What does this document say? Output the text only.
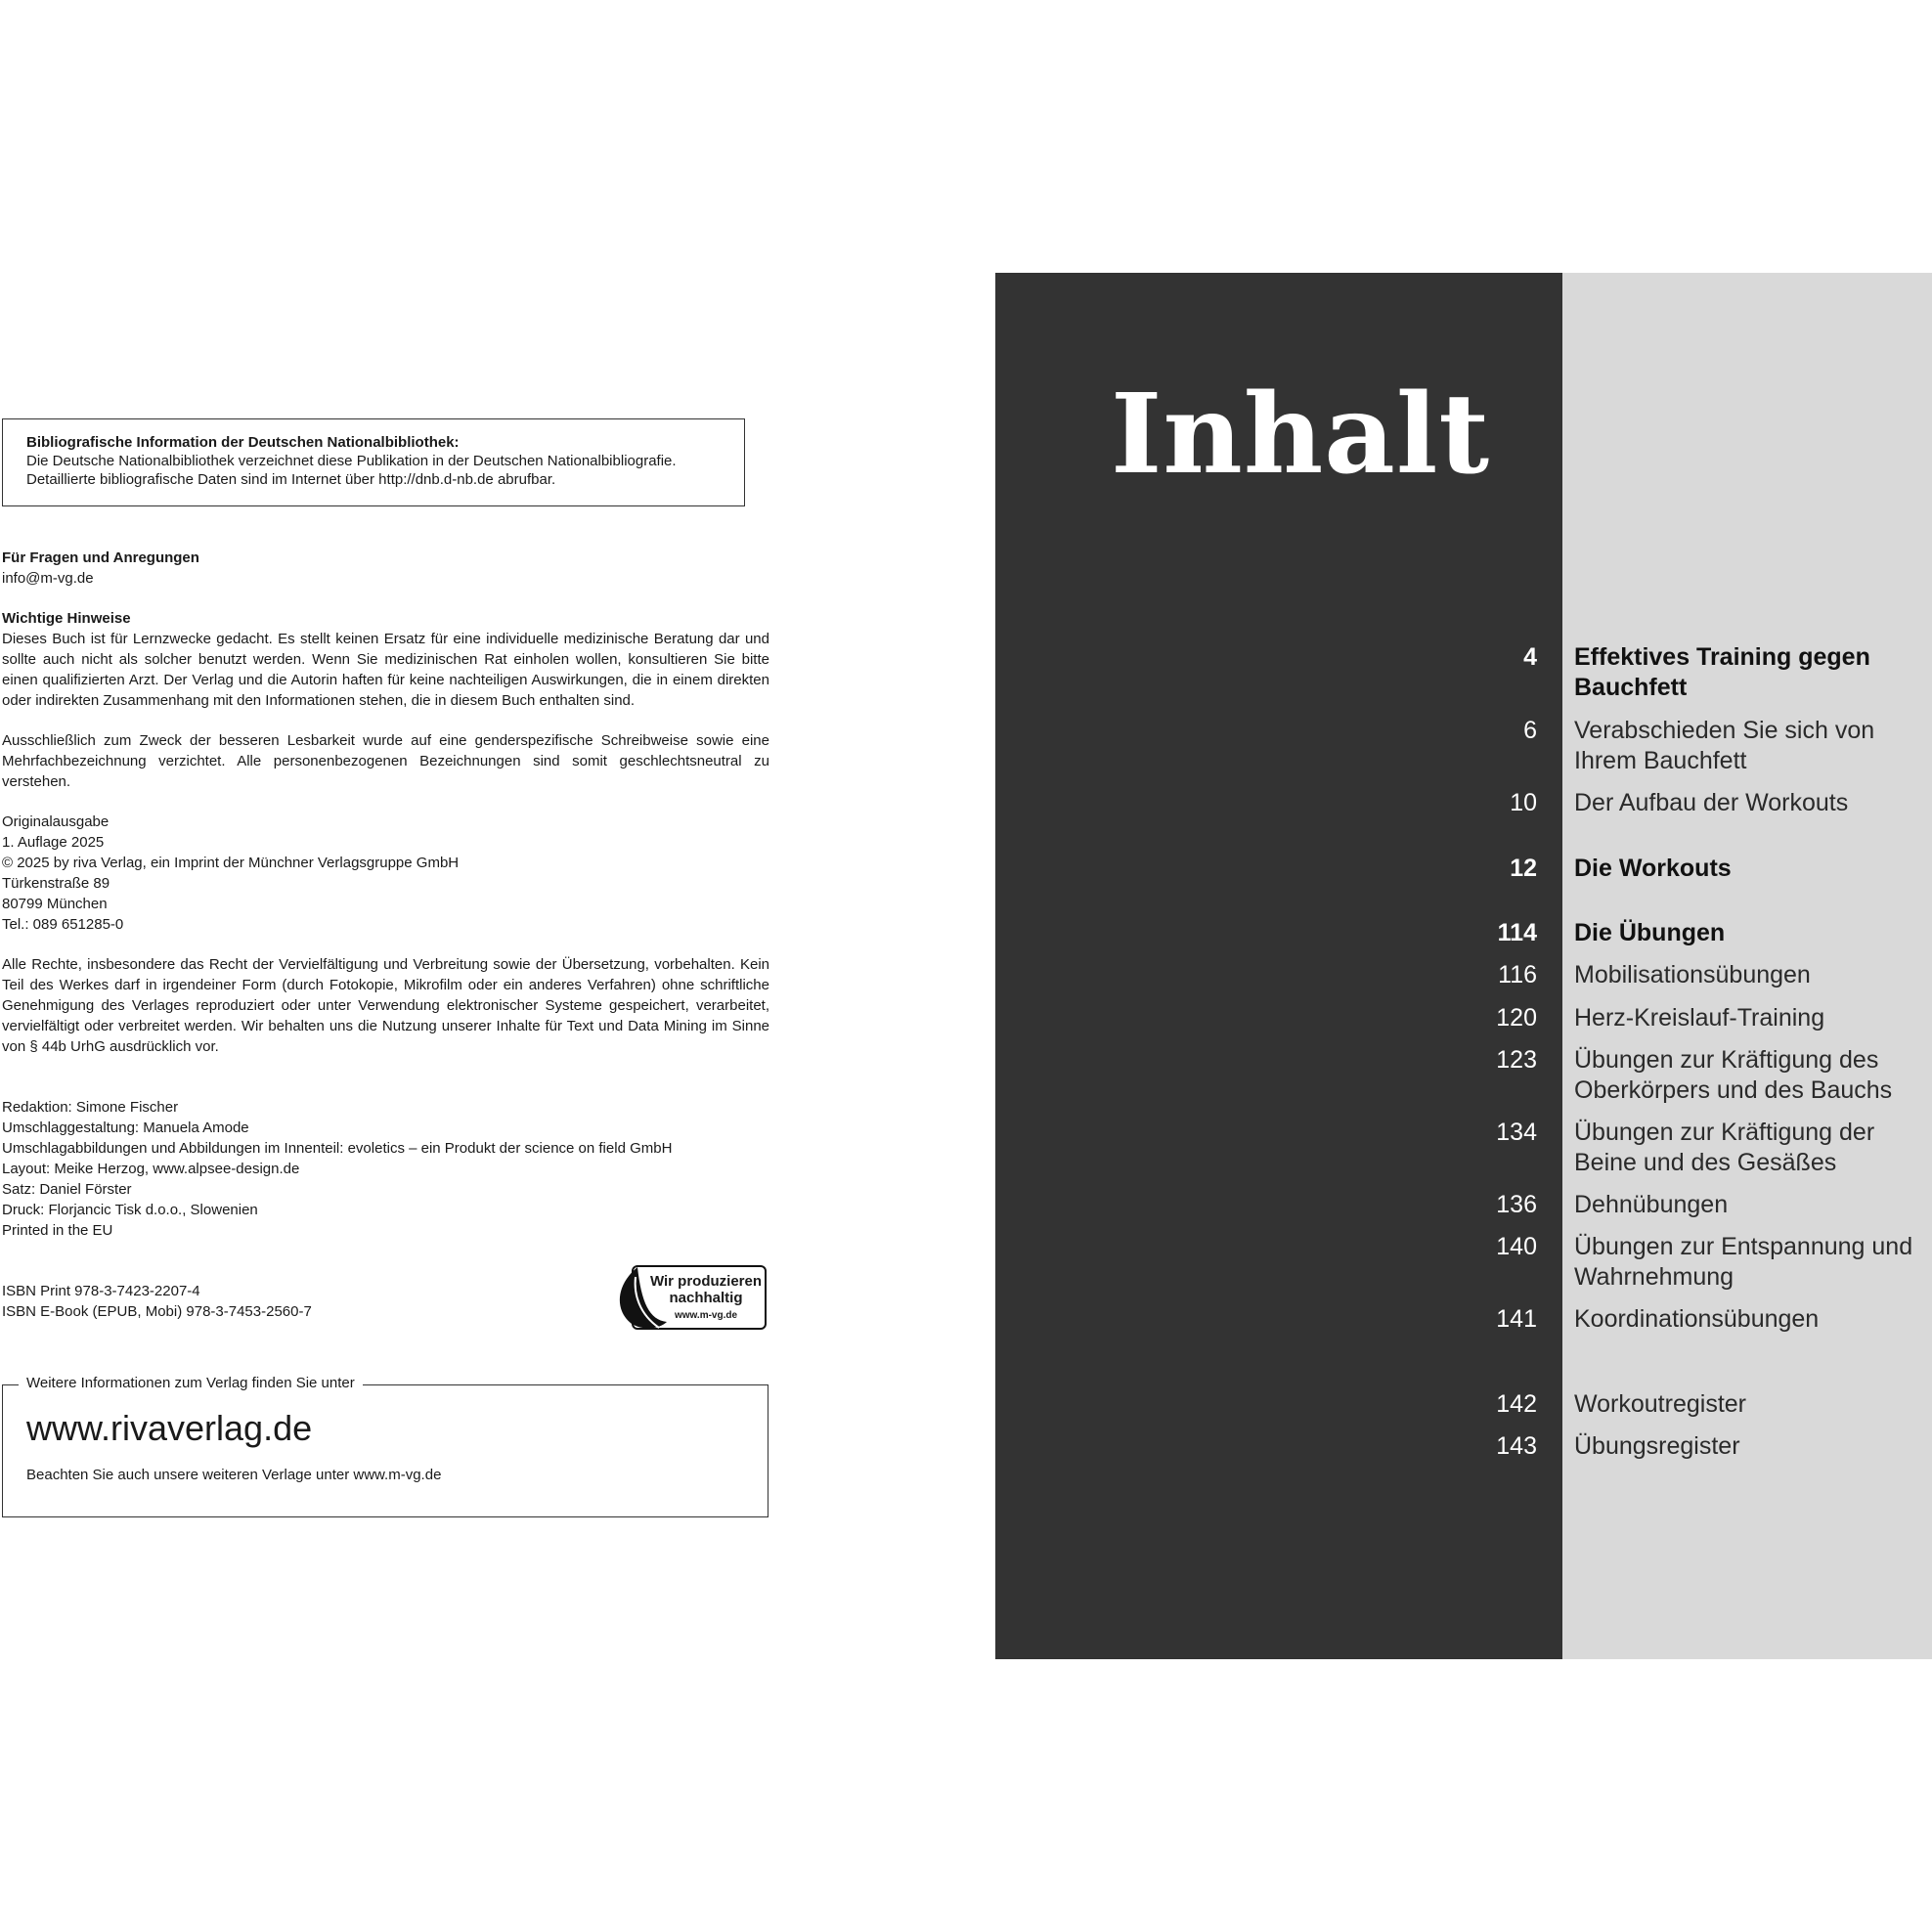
Bibliografische Information der Deutschen Nationalbibliothek:
Die Deutsche Nationalbibliothek verzeichnet diese Publikation in der Deutschen Nationalbibliografie.
Detaillierte bibliografische Daten sind im Internet über http://dnb.d-nb.de abrufbar.

Für Fragen und Anregungen

info@m-vg.de

Wichtige Hinweise

Dieses Buch ist für Lernzwecke gedacht. Es stellt keinen Ersatz für eine individuelle medizinische Beratung dar und sollte auch nicht als solcher benutzt werden. Wenn Sie medizinischen Rat einholen wollen, konsultieren Sie bitte einen qualifizierten Arzt. Der Verlag und die Autorin haften für keine nachteiligen Auswirkungen, die in einem direkten oder indirekten Zusammenhang mit den Informationen stehen, die in diesem Buch enthalten sind.

Ausschließlich zum Zweck der besseren Lesbarkeit wurde auf eine genderspezifische Schreibweise sowie eine Mehrfachbezeichnung verzichtet. Alle personenbezogenen Bezeichnungen sind somit geschlechtsneutral zu verstehen.

Originalausgabe

1. Auflage 2025

© 2025 by riva Verlag, ein Imprint der Münchner Verlagsgruppe GmbH

Türkenstraße 89

80799 München

Tel.: 089 651285-0

Alle Rechte, insbesondere das Recht der Vervielfältigung und Verbreitung sowie der Übersetzung, vorbehalten. Kein Teil des Werkes darf in irgendeiner Form (durch Fotokopie, Mikrofilm oder ein anderes Verfahren) ohne schriftliche Genehmigung des Verlages reproduziert oder unter Verwendung elektronischer Systeme gespeichert, verarbeitet, vervielfältigt oder verbreitet werden. Wir behalten uns die Nutzung unserer Inhalte für Text und Data Mining im Sinne von § 44b UrhG ausdrücklich vor.

Redaktion: Simone Fischer

Umschlaggestaltung: Manuela Amode

Umschlagabbildungen und Abbildungen im Innenteil: evoletics – ein Produkt der science on field GmbH

Layout: Meike Herzog, www.alpsee-design.de

Satz: Daniel Förster

Druck: Florjancic Tisk d.o.o., Slowenien

Printed in the EU

ISBN Print 978-3-7423-2207-4

ISBN E-Book (EPUB, Mobi) 978-3-7453-2560-7

Wir produzieren
nachhaltig
www.m-vg.de
Weitere Informationen zum Verlag finden Sie unter
www.rivaverlag.de
Beachten Sie auch unsere weiteren Verlage unter www.m-vg.de
Inhalt
4 Effektives Training gegen Bauchfett
6 Verabschieden Sie sich von Ihrem Bauchfett
10 Der Aufbau der Workouts
12 Die Workouts
114 Die Übungen
116 Mobilisationsübungen
120 Herz-Kreislauf-Training
123 Übungen zur Kräftigung des Oberkörpers und des Bauchs
134 Übungen zur Kräftigung der Beine und des Gesäßes
136 Dehnübungen
140 Übungen zur Entspannung und Wahrnehmung
141 Koordinationsübungen
142 Workoutregister
143 Übungsregister
